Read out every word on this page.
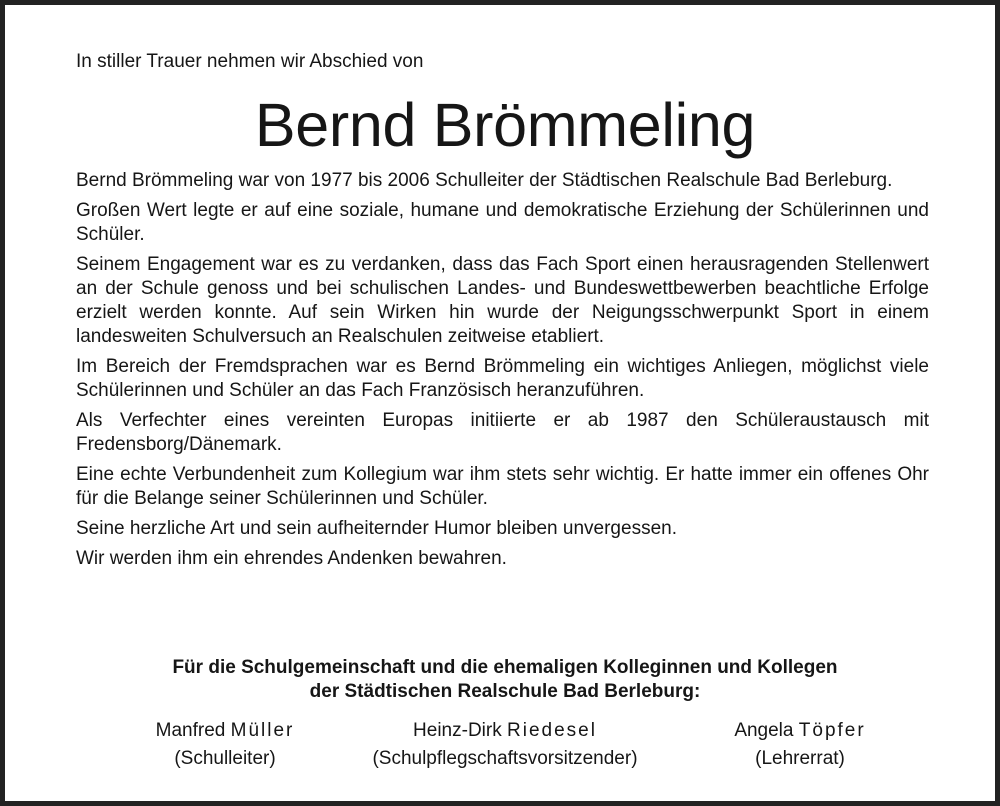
In stiller Trauer nehmen wir Abschied von

Bernd Brömmeling

Bernd Brömmeling war von 1977 bis 2006 Schulleiter der Städtischen Realschule Bad Berleburg.

Großen Wert legte er auf eine soziale, humane und demokratische Erziehung der Schülerinnen und Schüler.

Seinem Engagement war es zu verdanken, dass das Fach Sport einen herausragenden Stellenwert an der Schule genoss und bei schulischen Landes- und Bundeswettbewerben beachtliche Erfolge erzielt werden konnte. Auf sein Wirken hin wurde der Neigungsschwerpunkt Sport in einem landesweiten Schulversuch an Realschulen zeitweise etabliert.

Im Bereich der Fremdsprachen war es Bernd Brömmeling ein wichtiges Anliegen, möglichst viele Schülerinnen und Schüler an das Fach Französisch heranzuführen.

Als Verfechter eines vereinten Europas initiierte er ab 1987 den Schüleraustausch mit Fredensborg/Dänemark.

Eine echte Verbundenheit zum Kollegium war ihm stets sehr wichtig. Er hatte immer ein offenes Ohr für die Belange seiner Schülerinnen und Schüler.

Seine herzliche Art und sein aufheiternder Humor bleiben unvergessen.

Wir werden ihm ein ehrendes Andenken bewahren.

Für die Schulgemeinschaft und die ehemaligen Kolleginnen und Kollegen
der Städtischen Realschule Bad Berleburg:
Manfred Müller
(Schulleiter)
Heinz-Dirk Riedesel
(Schulpflegschaftsvorsitzender)
Angela Töpfer
(Lehrerrat)
